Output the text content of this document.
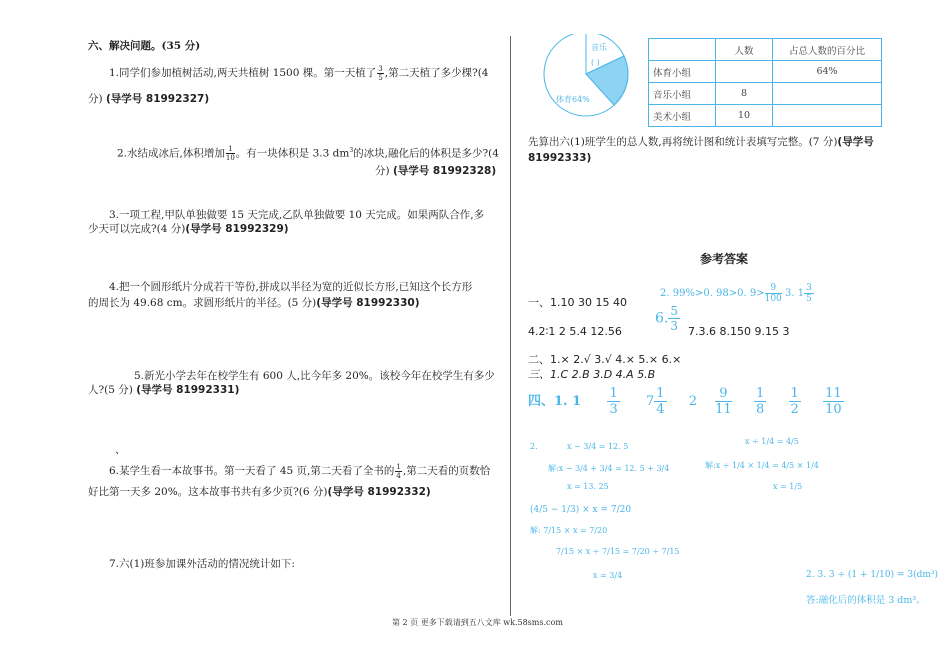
六、解决问题。(35 分)
1.同学们参加植树活动,两天共植树 1500 棵。第一天植了 $\frac{3}{5}$ ,第二天植了多少棵?(4
分) (导学号 81992327)
2.水结成冰后,体积增加 $\frac{1}{10}$ 。有一块体积是 3.3 $dm^3$的冰块,融化后的体积是多少?(4
分) (导学号 81992328)
3.一项工程,甲队单独做要 15 天完成,乙队单独做要 10 天完成。如果两队合作,多
少天可以完成?(4 分)(导学号 81992329)
4.把一个圆形纸片分成若干等份,拼成以半径为宽的近似长方形,已知这个长方形
的周长为 49.68 cm。求圆形纸片的半径。(5 分)(导学号 81992330)
5.新光小学去年在校学生有 600 人,比今年多 20%。该校今年在校学生有多少
人?(5 分) (导学号 81992331)
、
6.某学生看一本故事书。第一天看了 45 页,第二天看了全书的 $\frac{1}{4}$ ,第二天看的页数恰
好比第一天多 20%。这本故事书共有多少页?(6 分)(导学号 81992332)
7.六(1)班参加课外活动的情况统计如下:
音乐
( )
体育64%
	人数	占总人数的百分比
体育小组		64%
音乐小组	8	
美术小组	10	
先算出六(1)班学生的总人数,再将统计图和统计表填写完整。(7 分)(导学号
81992333)
参考答案
一、1.10 30 15 40
2. 99%>0. 98>0. $9> \frac{9}{100} 3$. $1 \frac{3}{5}$
4.2∶1 2 5.4 12.56
6. $\frac{5}{3} 7.3.6$ 8.150 9.15 3
二、1.× 2.√ 3.√ 4.× 5.× 6.×
三、1.C 2.B 3.D 4.A 5.B
四、1. $1 \frac{1}{3} 7 \frac{1}{4} 2 \frac{9}{11}$
$\frac{1}{8}$
$\frac{1}{2}$
$\frac{11}{10}$
2.	x − 3/4 = 12. 5
解:x − 3/4 + 3/4 = 12. 5 + 3/4
x = 13. 25
x ÷ 1/4 = 4/5
解:x ÷ 1/4 × 1/4 = 4/5 × 1/4
x = 1/5
(4/5 − 1/3) × x = 7/20
解: 7/15 × x = 7/20
7/15 × x ÷ 7/15 = 7/20 ÷ 7/15
x = 3/4	2. 3. 3 ÷ (1 + 1/10) = 3(dm³)
答:融化后的体积是 3 dm³。
第 2 页 更多下载请到五八文库 wk.58sms.com
